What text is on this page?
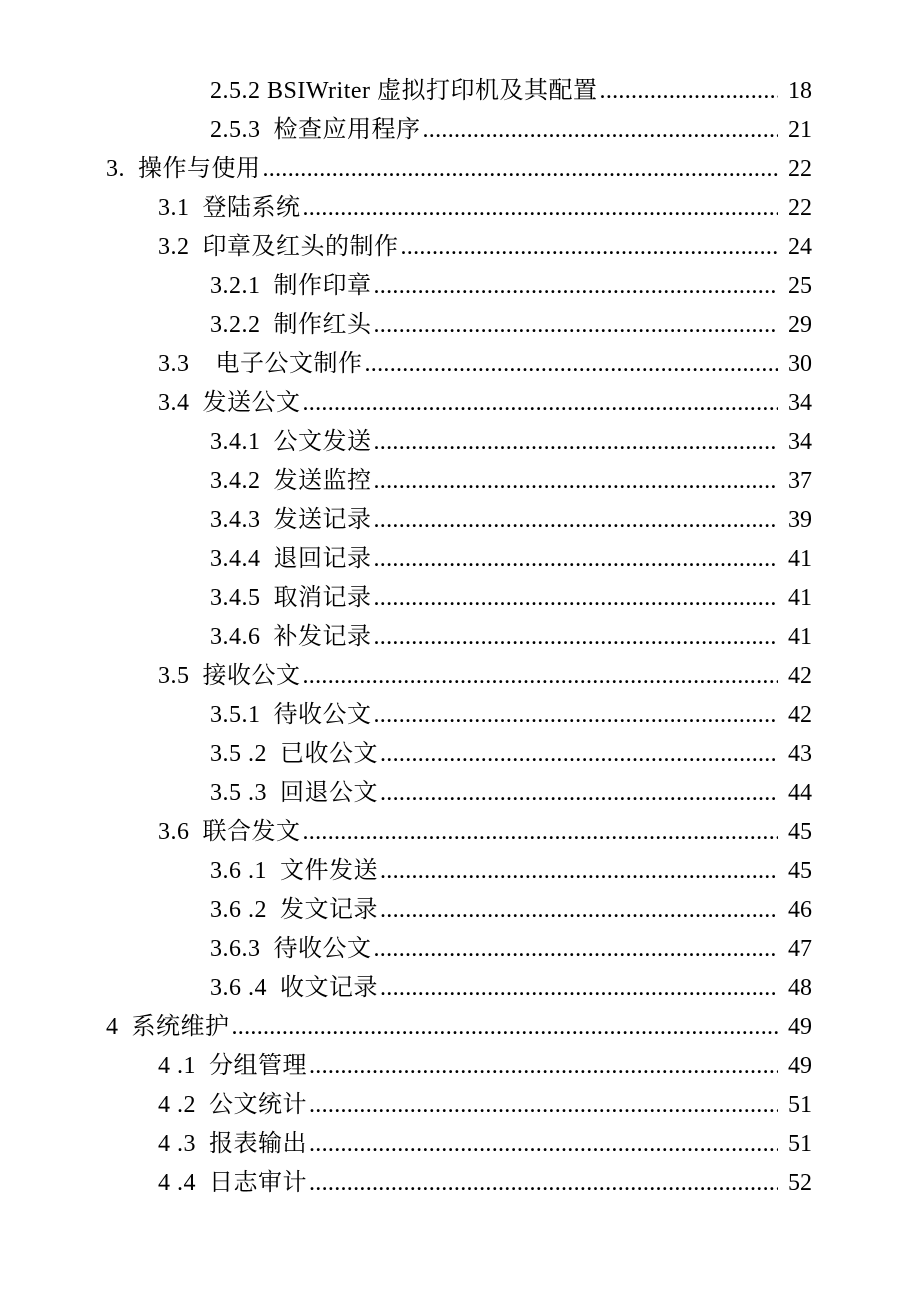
2.5.2 BSIWriter 虚拟打印机及其配置 .....	18
2.5.3  检查应用程序 .....	21
3.  操作与使用 .....	22
3.1  登陆系统 .....	22
3.2  印章及红头的制作 .....	24
3.2.1  制作印章 .....	25
3.2.2  制作红头 .....	29
3.3    电子公文制作 .....	30
3.4  发送公文 .....	34
3.4.1  公文发送 .....	34
3.4.2  发送监控 .....	37
3.4.3  发送记录 .....	39
3.4.4  退回记录 .....	41
3.4.5  取消记录 .....	41
3.4.6  补发记录 .....	41
3.5  接收公文 .....	42
3.5.1  待收公文 .....	42
3.5 .2  已收公文 .....	43
3.5 .3  回退公文 .....	44
3.6  联合发文 .....	45
3.6 .1  文件发送 .....	45
3.6 .2  发文记录 .....	46
3.6.3  待收公文 .....	47
3.6 .4  收文记录 .....	48
4  系统维护 .....	49
4 .1  分组管理 .....	49
4 .2  公文统计 .....	51
4 .3  报表输出 .....	51
4 .4  日志审计 .....	52
